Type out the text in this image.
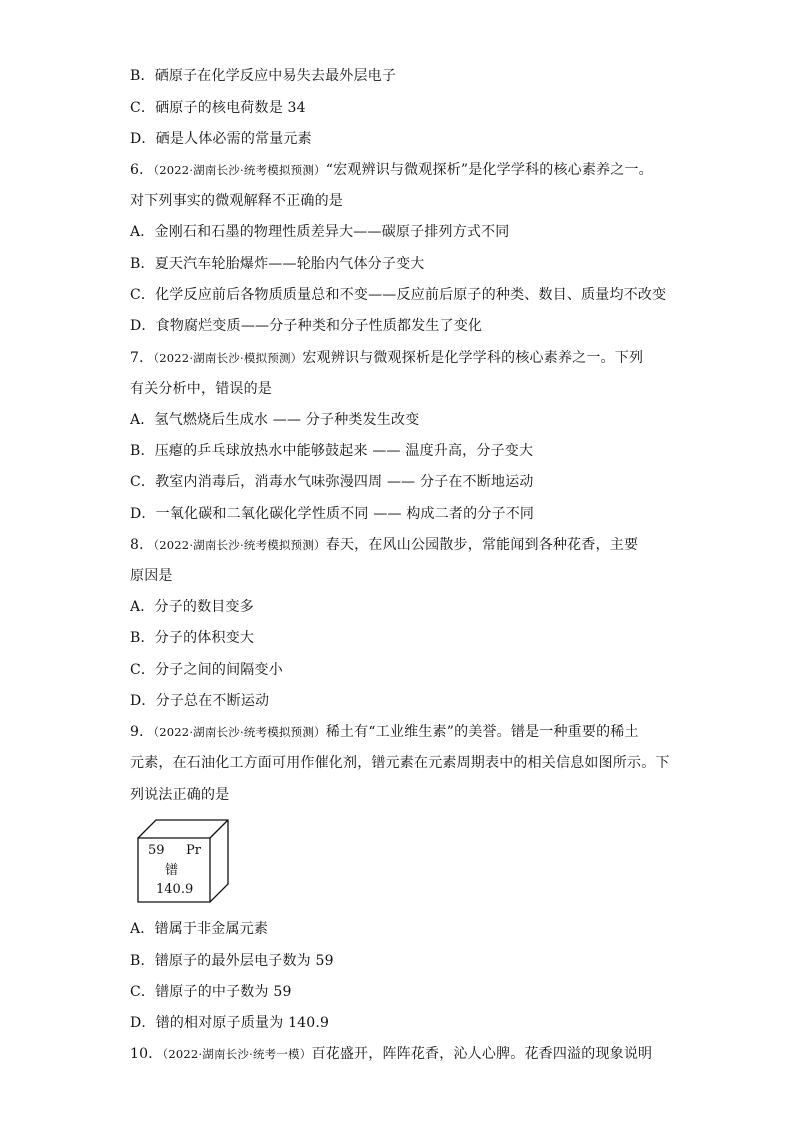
B．硒原子在化学反应中易失去最外层电子
C．硒原子的核电荷数是 34
D．硒是人体必需的常量元素
6．（2022·湖南长沙·统考模拟预测）“宏观辨识与微观探析”是化学学科的核心素养之一。
对下列事实的微观解释不正确的是
A．金刚石和石墨的物理性质差异大——碳原子排列方式不同
B．夏天汽车轮胎爆炸——轮胎内气体分子变大
C．化学反应前后各物质质量总和不变——反应前后原子的种类、数目、质量均不改变
D．食物腐烂变质——分子种类和分子性质都发生了变化
7．（2022·湖南长沙·模拟预测）宏观辨识与微观探析是化学学科的核心素养之一。下列
有关分析中，错误的是
A．氢气燃烧后生成水 —— 分子种类发生改变
B．压瘪的乒乓球放热水中能够鼓起来 —— 温度升高，分子变大
C．教室内消毒后，消毒水气味弥漫四周 —— 分子在不断地运动
D．一氧化碳和二氧化碳化学性质不同 —— 构成二者的分子不同
8．（2022·湖南长沙·统考模拟预测）春天，在风山公园散步，常能闻到各种花香，主要
原因是
A．分子的数目变多
B．分子的体积变大
C．分子之间的间隔变小
D．分子总在不断运动
9．（2022·湖南长沙·统考模拟预测）稀土有“工业维生素”的美誉。镨是一种重要的稀土
元素，在石油化工方面可用作催化剂，镨元素在元素周期表中的相关信息如图所示。下
列说法正确的是
59 Pr
镨
140.9
A．镨属于非金属元素
B．镨原子的最外层电子数为 59
C．镨原子的中子数为 59
D．镨的相对原子质量为 140.9
10．（2022·湖南长沙·统考一模）百花盛开，阵阵花香，沁人心脾。花香四溢的现象说明
